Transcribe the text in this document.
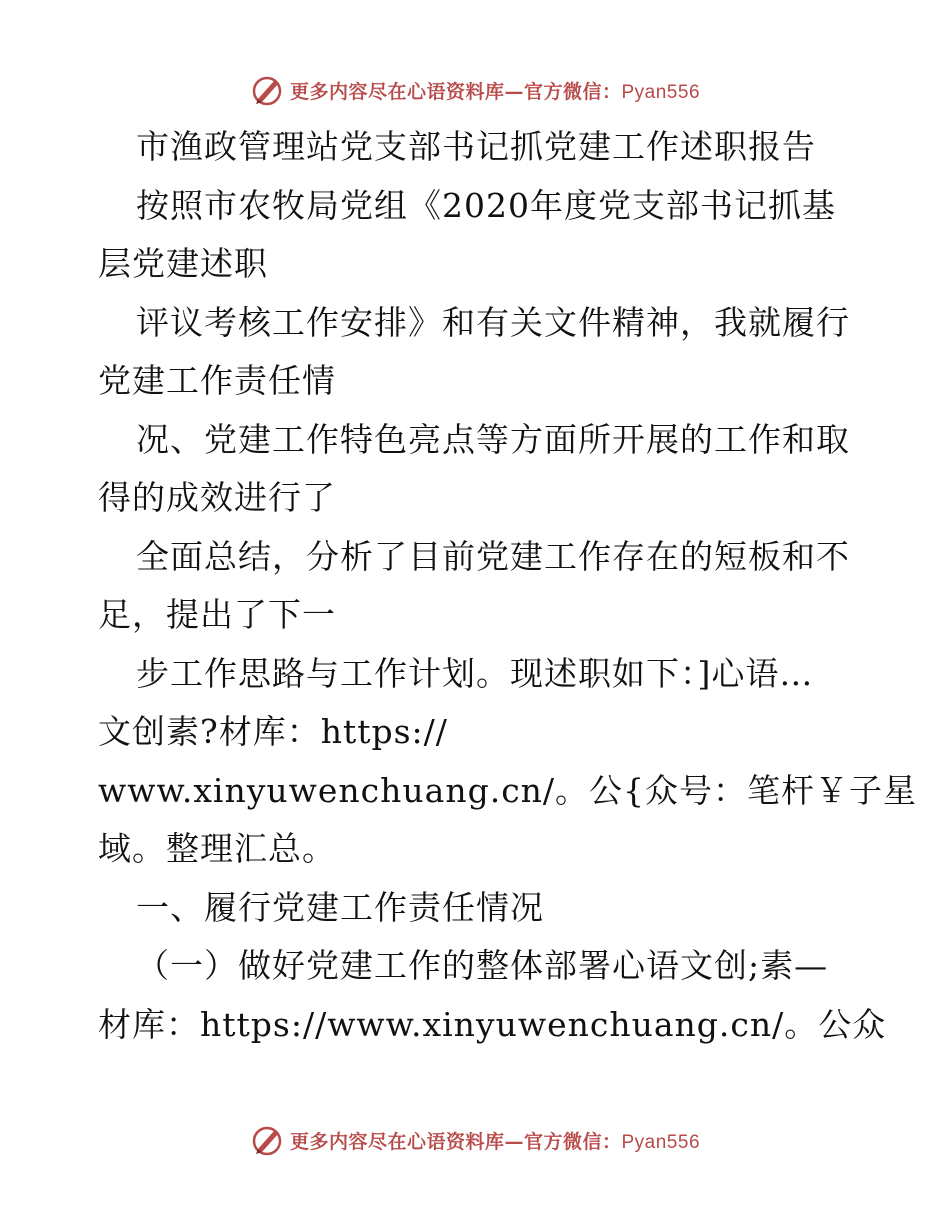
更多内容尽在心语资料库—官方微信：Pyan556
市渔政管理站党支部书记抓党建工作述职报告
按照市农牧局党组《2020年度党支部书记抓基
层党建述职
评议考核工作安排》和有关文件精神，我就履行
党建工作责任情
况、党建工作特色亮点等方面所开展的工作和取
得的成效进行了
全面总结，分析了目前党建工作存在的短板和不
足，提出了下一
步工作思路与工作计划。现述职如下：]心语…
文创素?材库：https://
www.xinyuwenchuang.cn/。公{众号：笔杆￥子星
域。整理汇总。
一、履行党建工作责任情况
（一）做好党建工作的整体部署心语文创;素—
材库：https://www.xinyuwenchuang.cn/。公众
更多内容尽在心语资料库—官方微信：Pyan556
